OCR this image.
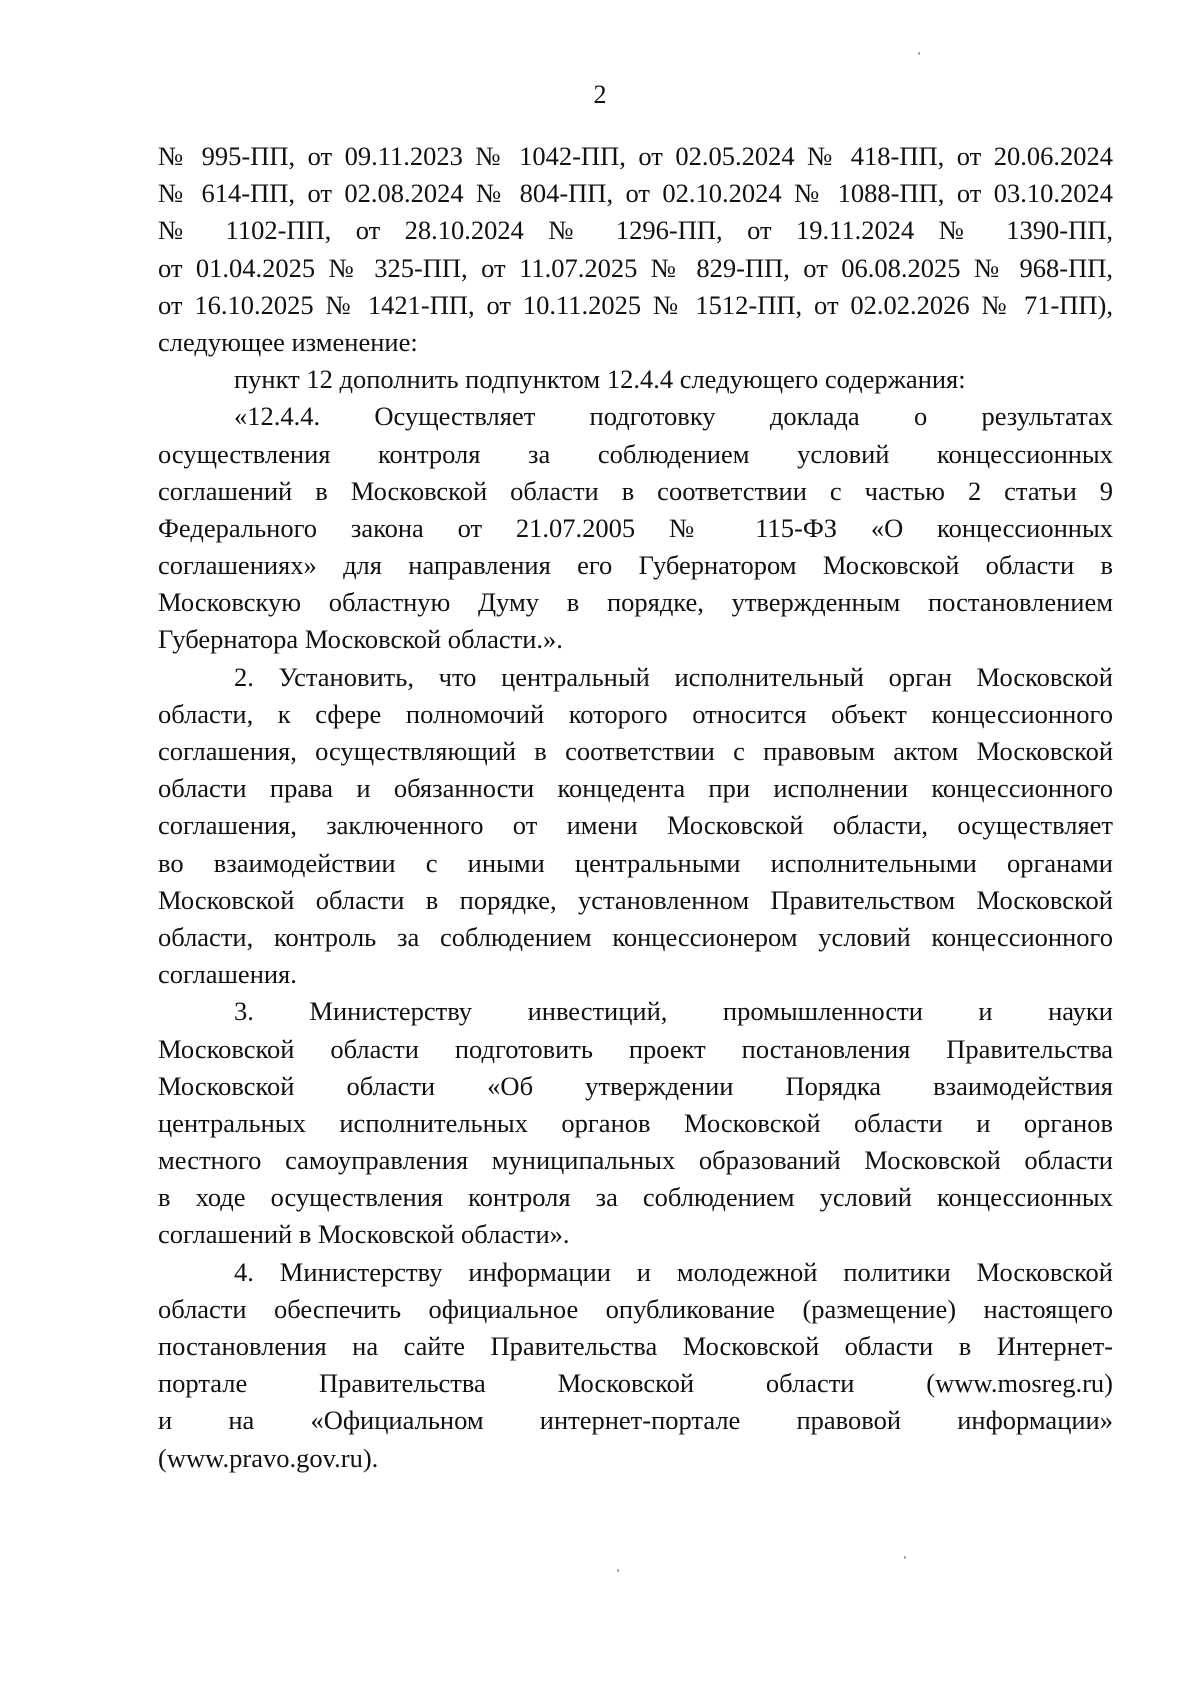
2
№ 995-ПП, от 09.11.2023 № 1042-ПП, от 02.05.2024 № 418-ПП, от 20.06.2024
№ 614-ПП, от 02.08.2024 № 804-ПП, от 02.10.2024 № 1088-ПП, от 03.10.2024
№ 1102-ПП, от 28.10.2024 № 1296-ПП, от 19.11.2024 № 1390-ПП,
от 01.04.2025 № 325-ПП, от 11.07.2025 № 829-ПП, от 06.08.2025 № 968-ПП,
от 16.10.2025 № 1421-ПП, от 10.11.2025 № 1512-ПП, от 02.02.2026 № 71-ПП),
следующее изменение:
пункт 12 дополнить подпунктом 12.4.4 следующего содержания:
«12.4.4. Осуществляет подготовку доклада о результатах
осуществления контроля за соблюдением условий концессионных
соглашений в Московской области в соответствии с частью 2 статьи 9
Федерального закона от 21.07.2005 № 115-ФЗ «О концессионных
соглашениях» для направления его Губернатором Московской области в
Московскую областную Думу в порядке, утвержденным постановлением
Губернатора Московской области.».
2. Установить, что центральный исполнительный орган Московской
области, к сфере полномочий которого относится объект концессионного
соглашения, осуществляющий в соответствии с правовым актом Московской
области права и обязанности концедента при исполнении концессионного
соглашения, заключенного от имени Московской области, осуществляет
во взаимодействии с иными центральными исполнительными органами
Московской области в порядке, установленном Правительством Московской
области, контроль за соблюдением концессионером условий концессионного
соглашения.
3. Министерству инвестиций, промышленности и науки
Московской области подготовить проект постановления Правительства
Московской области «Об утверждении Порядка взаимодействия
центральных исполнительных органов Московской области и органов
местного самоуправления муниципальных образований Московской области
в ходе осуществления контроля за соблюдением условий концессионных
соглашений в Московской области».
4. Министерству информации и молодежной политики Московской
области обеспечить официальное опубликование (размещение) настоящего
постановления на сайте Правительства Московской области в Интернет-
портале Правительства Московской области (www.mosreg.ru)
и на «Официальном интернет-портале правовой информации»
(www.pravo.gov.ru).
